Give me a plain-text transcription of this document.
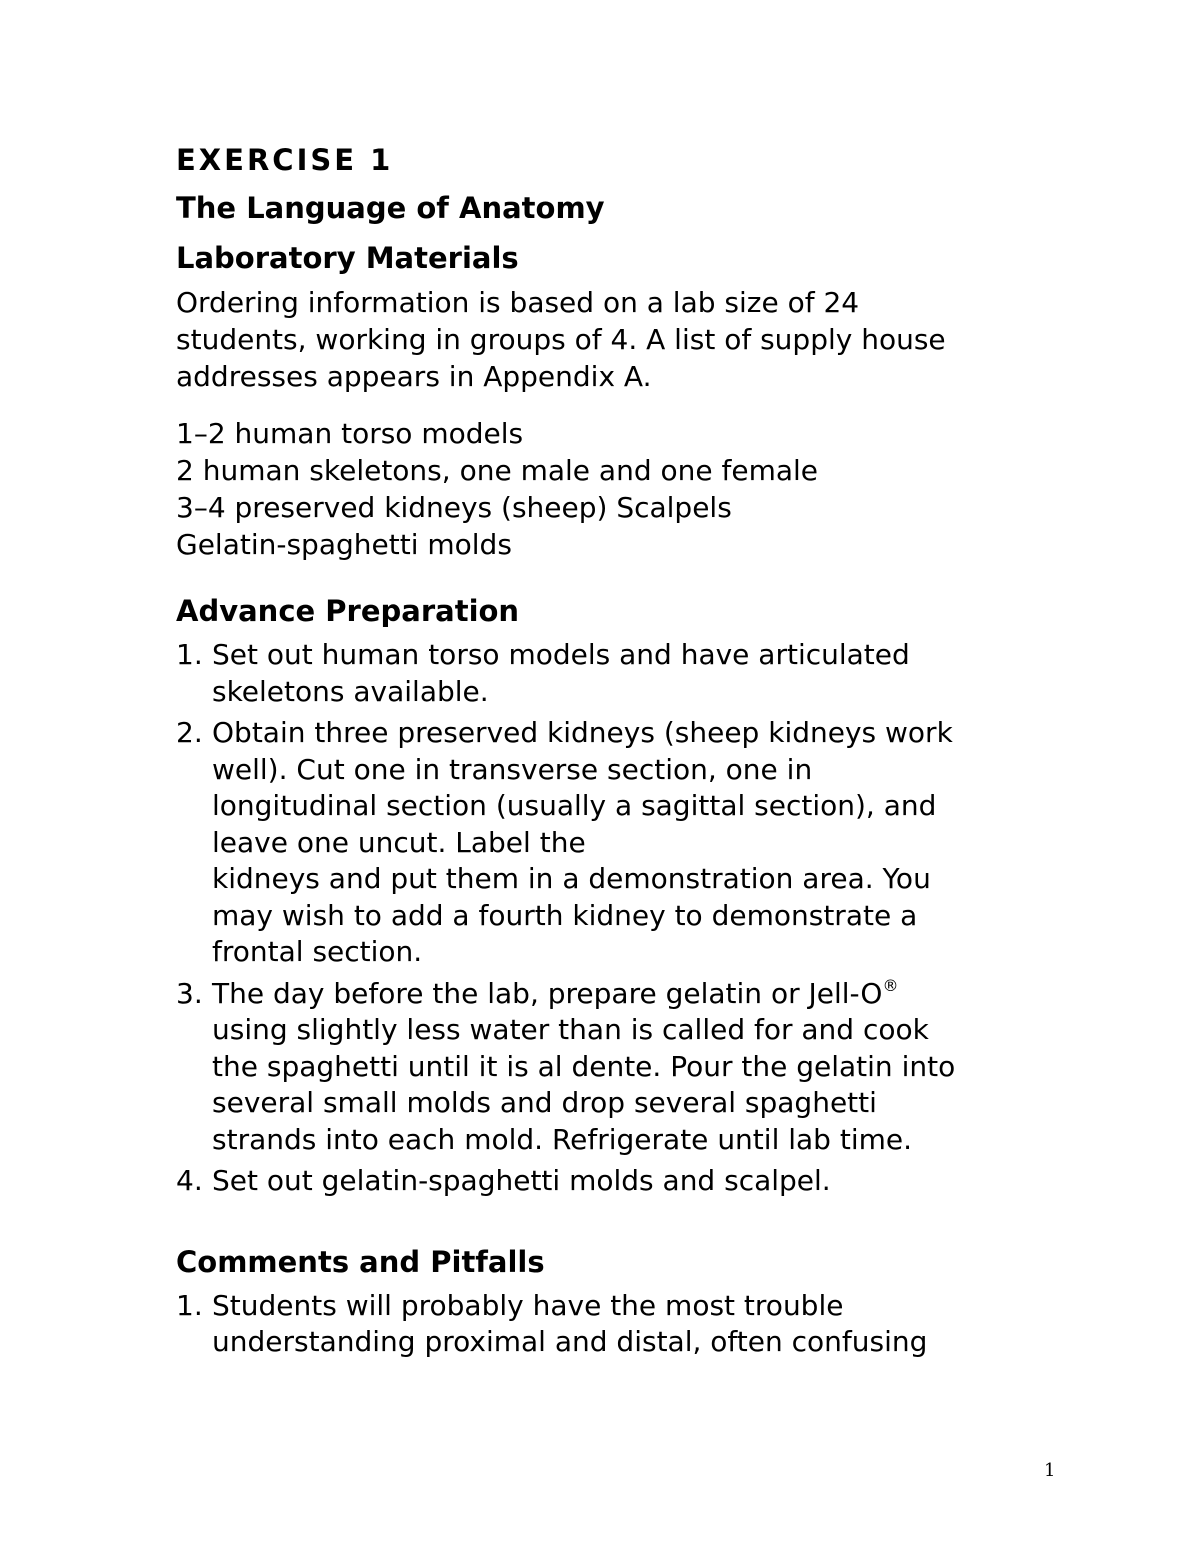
EXERCISE 1
The Language of Anatomy
Laboratory Materials
Ordering information is based on a lab size of 24
students, working in groups of 4. A list of supply house
addresses appears in Appendix A.
1–2 human torso models
2 human skeletons, one male and one female
3–4 preserved kidneys (sheep) Scalpels
Gelatin-spaghetti molds
Advance Preparation
1. Set out human torso models and have articulated
skeletons available.
2. Obtain three preserved kidneys (sheep kidneys work
well). Cut one in transverse section, one in
longitudinal section (usually a sagittal section), and
leave one uncut. Label the
kidneys and put them in a demonstration area. You
may wish to add a fourth kidney to demonstrate a
frontal section.
3. The day before the lab, prepare gelatin or Jell-O®
using slightly less water than is called for and cook
the spaghetti until it is al dente. Pour the gelatin into
several small molds and drop several spaghetti
strands into each mold. Refrigerate until lab time.
4. Set out gelatin-spaghetti molds and scalpel.
Comments and Pitfalls
1. Students will probably have the most trouble
understanding proximal and distal, often confusing
1
